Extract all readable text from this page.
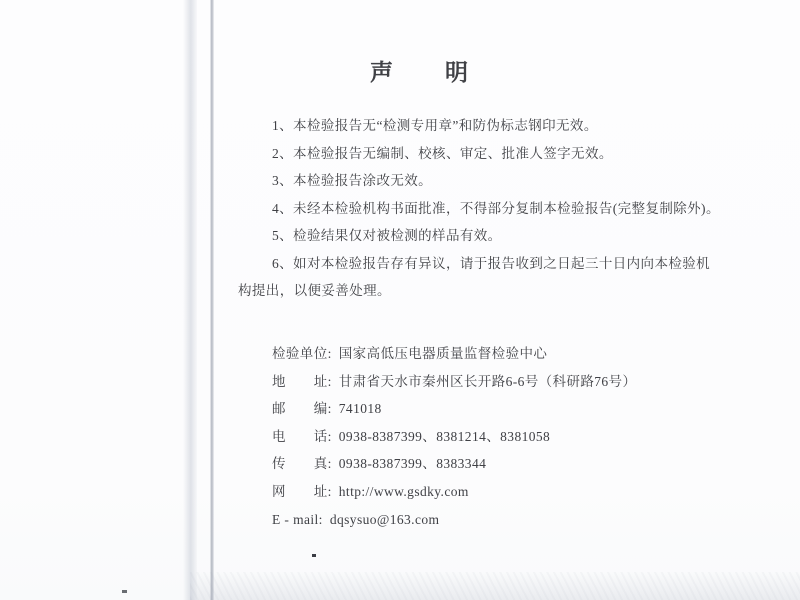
声　　明
1、本检验报告无“检测专用章”和防伪标志钢印无效。
2、本检验报告无编制、校核、审定、批准人签字无效。
3、本检验报告涂改无效。
4、未经本检验机构书面批准，不得部分复制本检验报告(完整复制除外)。
5、检验结果仅对被检测的样品有效。
6、如对本检验报告存有异议，请于报告收到之日起三十日内向本检验机
构提出，以便妥善处理。
检验单位: 国家高低压电器质量监督检验中心
地　　址: 甘肃省天水市秦州区长开路6-6号（科研路76号）
邮　　编: 741018
电　　话: 0938-8387399、8381214、8381058
传　　真: 0938-8387399、8383344
网　　址: http://www.gsdky.com
E - mail: dqsysuo@163.com
